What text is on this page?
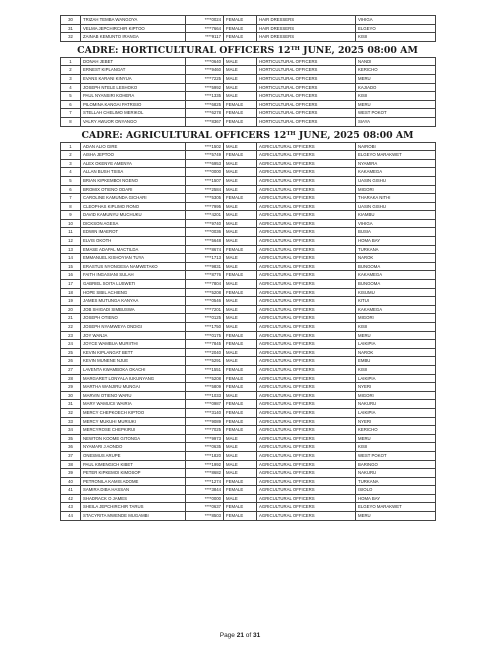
30	TRIZAH TEMBA WANGOYA	****0024	FEMALE	HAIR DRESSERS	VIHIGA
31	VELMA JEPCHIRCHIR KIPTOO	****7664	FEMALE	HAIR DRESSERS	ELGEYO
32	ZAINAB KEMUNTO IRANGA	****9117	FEMALE	HAIR DRESSERS	KISII
CADRE: HORTICULTURAL OFFICERS 12TH JUNE, 2025 08:00 AM
1	DONAH JEBET	****0640	MALE	HORTICULTURAL OFFICERS	NANDI
2	ERNEST KIPLANGAT	****9460	MALE	HORTICULTURAL OFFICERS	KERICHO
3	EVANS KARANI KINYUA	****7225	MALE	HORTICULTURAL OFFICERS	MERU
4	JOSEPH NTELE LESHOKO	****5992	MALE	HORTICULTURAL OFFICERS	KAJIADO
5	PAUL NYANSIRI KOHERA	****1335	MALE	HORTICULTURAL OFFICERS	KISII
6	PILOMINA KANGAI PATRISIO	****6825	FEMALE	HORTICULTURAL OFFICERS	MERU
7	STELLAH CHELIMO MERIKOL	****6278	FEMALE	HORTICULTURAL OFFICERS	WEST POKOT
8	VALRY AWUOR ONYANGO	****8367	FEMALE	HORTICULTURAL OFFICERS	SIAYA
CADRE: AGRICULTURAL OFFICERS 12TH JUNE, 2025 08:00 AM
1	ADAN ALIO GIRE	****1502	MALE	AGRICULTURAL OFFICERS	NAIROBI
2	AISHA JEPTOO	****5749	FEMALE	AGRICULTURAL OFFICERS	ELGEYO MARAKWET
3	ALEX OKENYE AMENYA	****6953	MALE	AGRICULTURAL OFFICERS	NYAMIRA
4	ALLAN BUSH TSISA	****0000	MALE	AGRICULTURAL OFFICERS	KAKAMEGA
5	BRIAN KIPKEMBOI NGENO	****1507	MALE	AGRICULTURAL OFFICERS	UASIN GISHU
6	BROMIX OTIENO ODARI	****2584	MALE	AGRICULTURAL OFFICERS	MIGORI
7	CAROLINE KAMUNDA GICHARI	****5305	FEMALE	AGRICULTURAL OFFICERS	THARAKA NITHI
8	CLEOPHAS KIPLIMO RONO	****7995	MALE	AGRICULTURAL OFFICERS	UASIN GISHU
9	DAVID KAMUNYU MUCHUKU	****4201	MALE	AGRICULTURAL OFFICERS	KIAMBU
10	DICKSON AGESA	****9740	MALE	AGRICULTURAL OFFICERS	VIHIGA
11	EDWIN IMAEROT	****0036	MALE	AGRICULTURAL OFFICERS	BUSIA
12	ELVIS OKOTH	****5648	MALE	AGRICULTURAL OFFICERS	HOMA BAY
13	EMASE ADAPAL MACTILDA	****8674	FEMALE	AGRICULTURAL OFFICERS	TURKANA
14	EMMANUEL KISHOYIAN TUYA	****1713	MALE	AGRICULTURAL OFFICERS	NAROK
15	ERASTUS NYONGESA NAMWETAKO	****9831	MALE	AGRICULTURAL OFFICERS	BUNGOMA
16	FAITH INGASIANI SULAH	****8776	FEMALE	AGRICULTURAL OFFICERS	KAKAMEGA
17	GABRIEL SOITA LUSWETI	****7804	MALE	AGRICULTURAL OFFICERS	BUNGOMA
18	HOPE SIBIL ACHIENG	****5208	FEMALE	AGRICULTURAL OFFICERS	KISUMU
19	JAMES MUTUNGA KANYAA	****0546	MALE	AGRICULTURAL OFFICERS	KITUI
20	JOB SHIGADI SIMBUSWA	****7201	MALE	AGRICULTURAL OFFICERS	KAKAMEGA
21	JOSEPH OTIENO	****0125	MALE	AGRICULTURAL OFFICERS	MIGORI
22	JOSEPH NYAMWEYA ONDIGI	****1750	MALE	AGRICULTURAL OFFICERS	KISII
23	JOY WANJA	****0175	FEMALE	AGRICULTURAL OFFICERS	MERU
24	JOYCE WAMBUA MURIITHI	****7845	FEMALE	AGRICULTURAL OFFICERS	LAIKIPIA
25	KEVIN KIPLANGAT BETT	****2040	MALE	AGRICULTURAL OFFICERS	NAROK
26	KEVIN MUNENE NJUE	****5291	MALE	AGRICULTURAL OFFICERS	EMBU
27	LAVENTA KWAMBOKA OKACHI	****1551	FEMALE	AGRICULTURAL OFFICERS	KISII
28	MARGARET LONYALA IUKUNYANG	****5208	FEMALE	AGRICULTURAL OFFICERS	LAIKIPIA
29	MARTHA WANJIRU MUNGAI	****5809	FEMALE	AGRICULTURAL OFFICERS	NYERI
30	MARVIN OTIENO WARU	****1033	MALE	AGRICULTURAL OFFICERS	MIGORI
31	MARY WAMUCII WAIRIA	****0987	FEMALE	AGRICULTURAL OFFICERS	NAKURU
32	MERCY CHEPKOECH KIPTOO	****3140	FEMALE	AGRICULTURAL OFFICERS	LAIKIPIA
33	MERCY MUKUHI MURIUKI	****9089	FEMALE	AGRICULTURAL OFFICERS	NYERI
34	MERCYROSE CHEPKIRUI	****7025	FEMALE	AGRICULTURAL OFFICERS	KERICHO
35	NEWTON KOOME GITONGA	****9973	MALE	AGRICULTURAL OFFICERS	MERU
36	NYAMARI J AONDO	****0635	MALE	AGRICULTURAL OFFICERS	KISII
37	ONESMUS ARUPE	****1820	MALE	AGRICULTURAL OFFICERS	WEST POKOT
38	PAUL KIMENGICH KIBET	****1992	MALE	AGRICULTURAL OFFICERS	BARINGO
39	PETER KIPKEMOI KIMOSOP	****8682	MALE	AGRICULTURAL OFFICERS	NAKURU
40	PETRONILA KAMIS ADOME	****1274	FEMALE	AGRICULTURAL OFFICERS	TURKANA
41	SAMIRA DIBA HASSAN	****3844	FEMALE	AGRICULTURAL OFFICERS	ISIOLO
42	SHADRACK O JAMES	****0000	MALE	AGRICULTURAL OFFICERS	HOMA BAY
43	SHEILA JEPCHIRCHIR TARUS	****0637	FEMALE	AGRICULTURAL OFFICERS	ELGEYO MARAKWET
44	STACYRITA MWENDE MUGAMBI	****8503	FEMALE	AGRICULTURAL OFFICERS	MERU
Page 21 of 31
